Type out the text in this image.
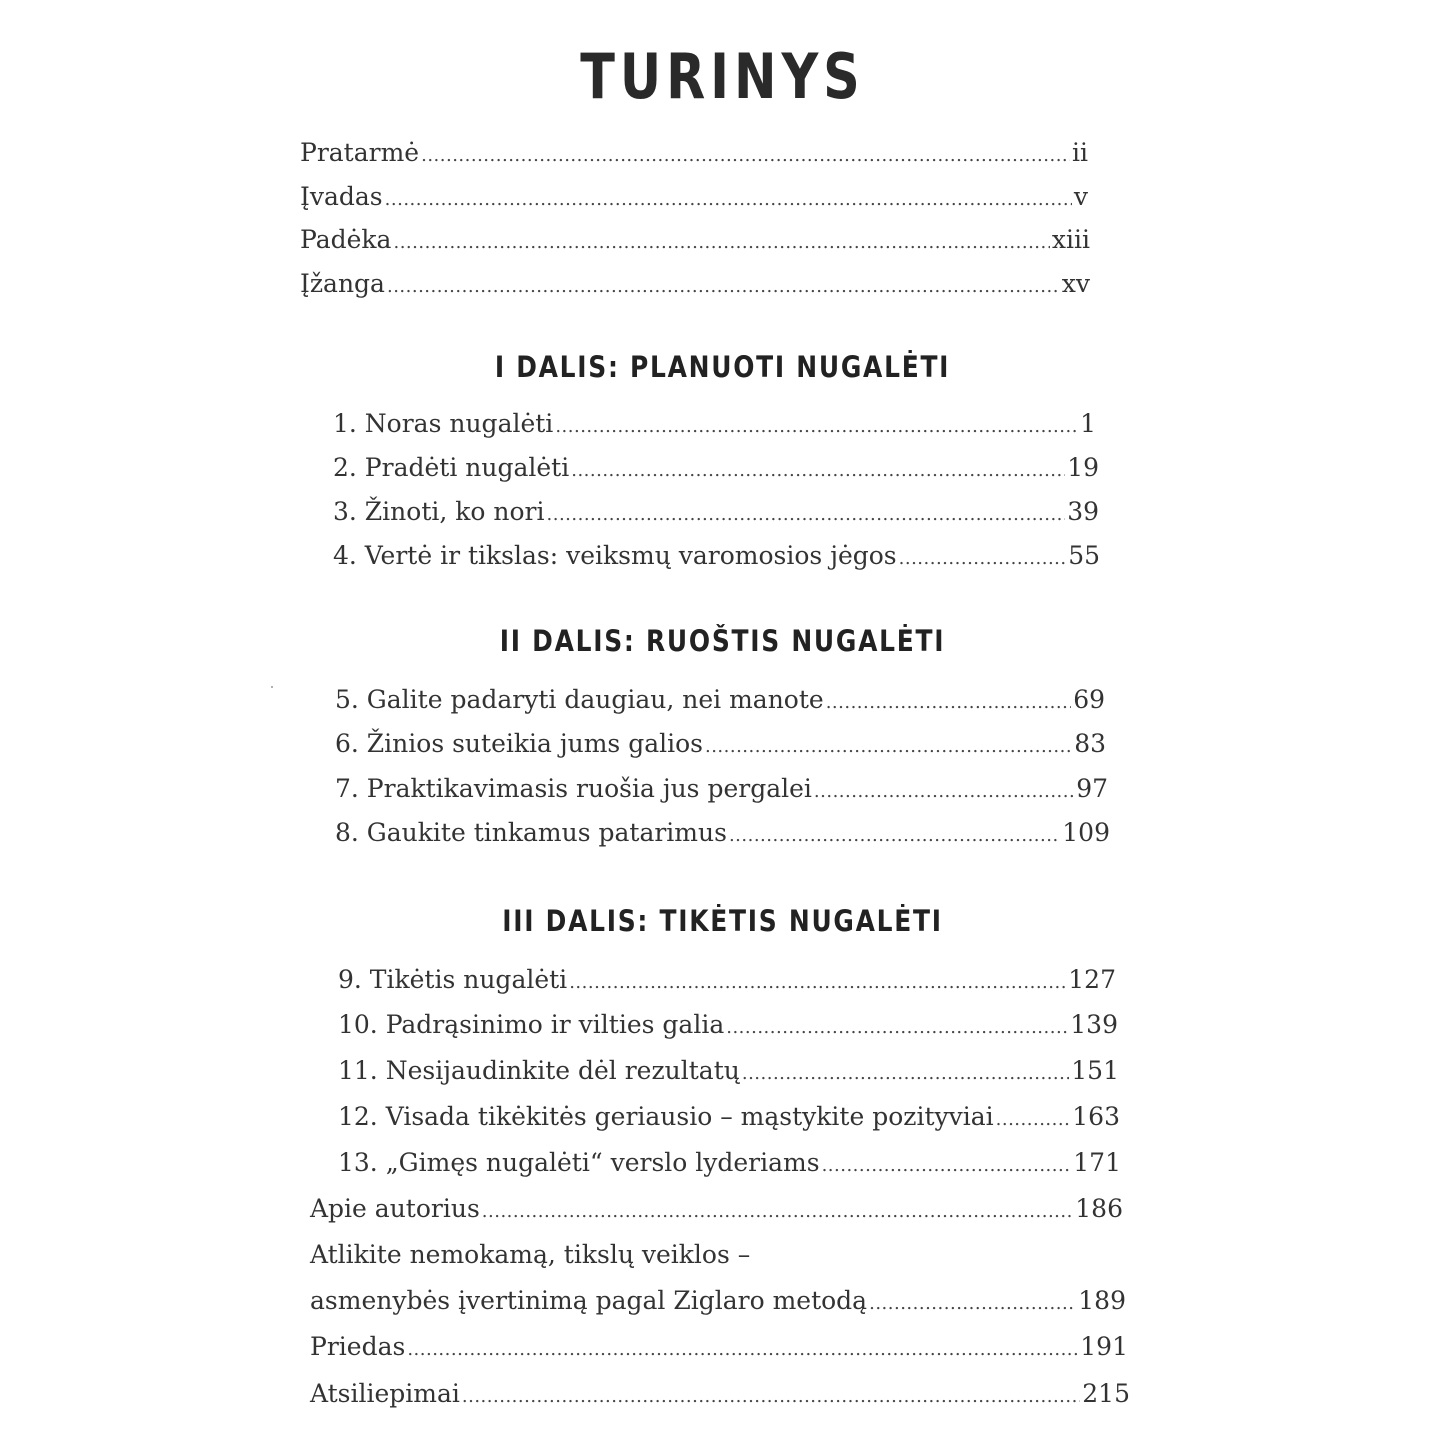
TURINYS
Pratarmė .....	ii
Įvadas .....	v
Padėka .....	xiii
Įžanga .....	xv
I DALIS: PLANUOTI NUGALĖTI
1. Noras nugalėti .....	1
2. Pradėti nugalėti .....	19
3. Žinoti, ko nori .....	39
4. Vertė ir tikslas: veiksmų varomosios jėgos .....	55
II DALIS: RUOŠTIS NUGALĖTI
5. Galite padaryti daugiau, nei manote .....	69
6. Žinios suteikia jums galios .....	83
7. Praktikavimasis ruošia jus pergalei .....	97
8. Gaukite tinkamus patarimus .....	109
III DALIS: TIKĖTIS NUGALĖTI
9. Tikėtis nugalėti .....	127
10. Padrąsinimo ir vilties galia .....	139
11. Nesijaudinkite dėl rezultatų .....	151
12. Visada tikėkitės geriausio – mąstykite pozityviai .....	163
13. „Gimęs nugalėti“ verslo lyderiams .....	171
Apie autorius .....	186
Atlikite nemokamą, tikslų veiklos –
asmenybės įvertinimą pagal Ziglaro metodą .....	189
Priedas .....	191
Atsiliepimai .....	215
